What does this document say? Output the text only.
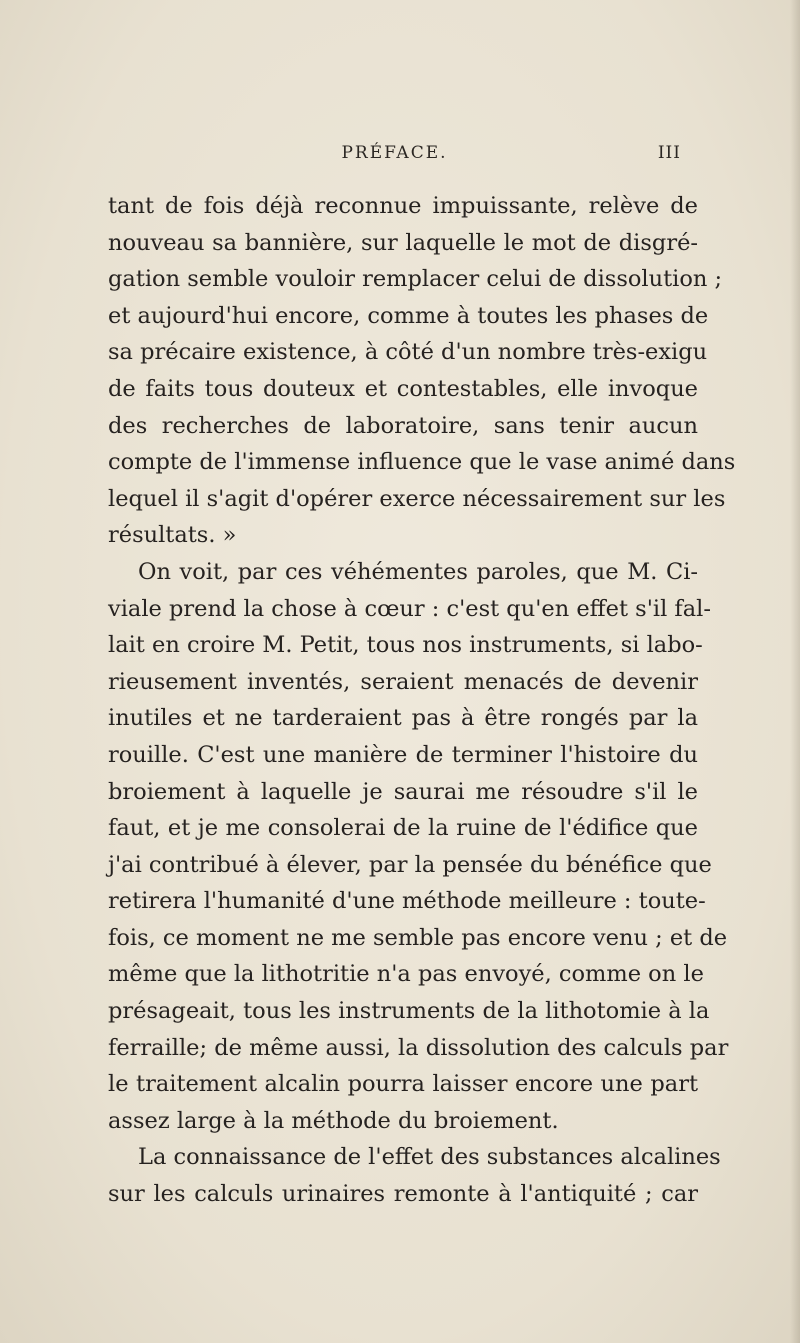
PRÉFACE.	III
tant de fois déjà reconnue impuissante, relève de
nouveau sa bannière, sur laquelle le mot de disgré-
gation semble vouloir remplacer celui de dissolution ;
et aujourd'hui encore, comme à toutes les phases de
sa précaire existence, à côté d'un nombre très-exigu
de faits tous douteux et contestables, elle invoque
des recherches de laboratoire, sans tenir aucun
compte de l'immense influence que le vase animé dans
lequel il s'agit d'opérer exerce nécessairement sur les
résultats. »
On voit, par ces véhémentes paroles, que M. Ci-
viale prend la chose à cœur : c'est qu'en effet s'il fal-
lait en croire M. Petit, tous nos instruments, si labo-
rieusement inventés, seraient menacés de devenir
inutiles et ne tarderaient pas à être rongés par la
rouille. C'est une manière de terminer l'histoire du
broiement à laquelle je saurai me résoudre s'il le
faut, et je me consolerai de la ruine de l'édifice que
j'ai contribué à élever, par la pensée du bénéfice que
retirera l'humanité d'une méthode meilleure : toute-
fois, ce moment ne me semble pas encore venu ; et de
même que la lithotritie n'a pas envoyé, comme on le
présageait, tous les instruments de la lithotomie à la
ferraille; de même aussi, la dissolution des calculs par
le traitement alcalin pourra laisser encore une part
assez large à la méthode du broiement.
La connaissance de l'effet des substances alcalines
sur les calculs urinaires remonte à l'antiquité ; car
